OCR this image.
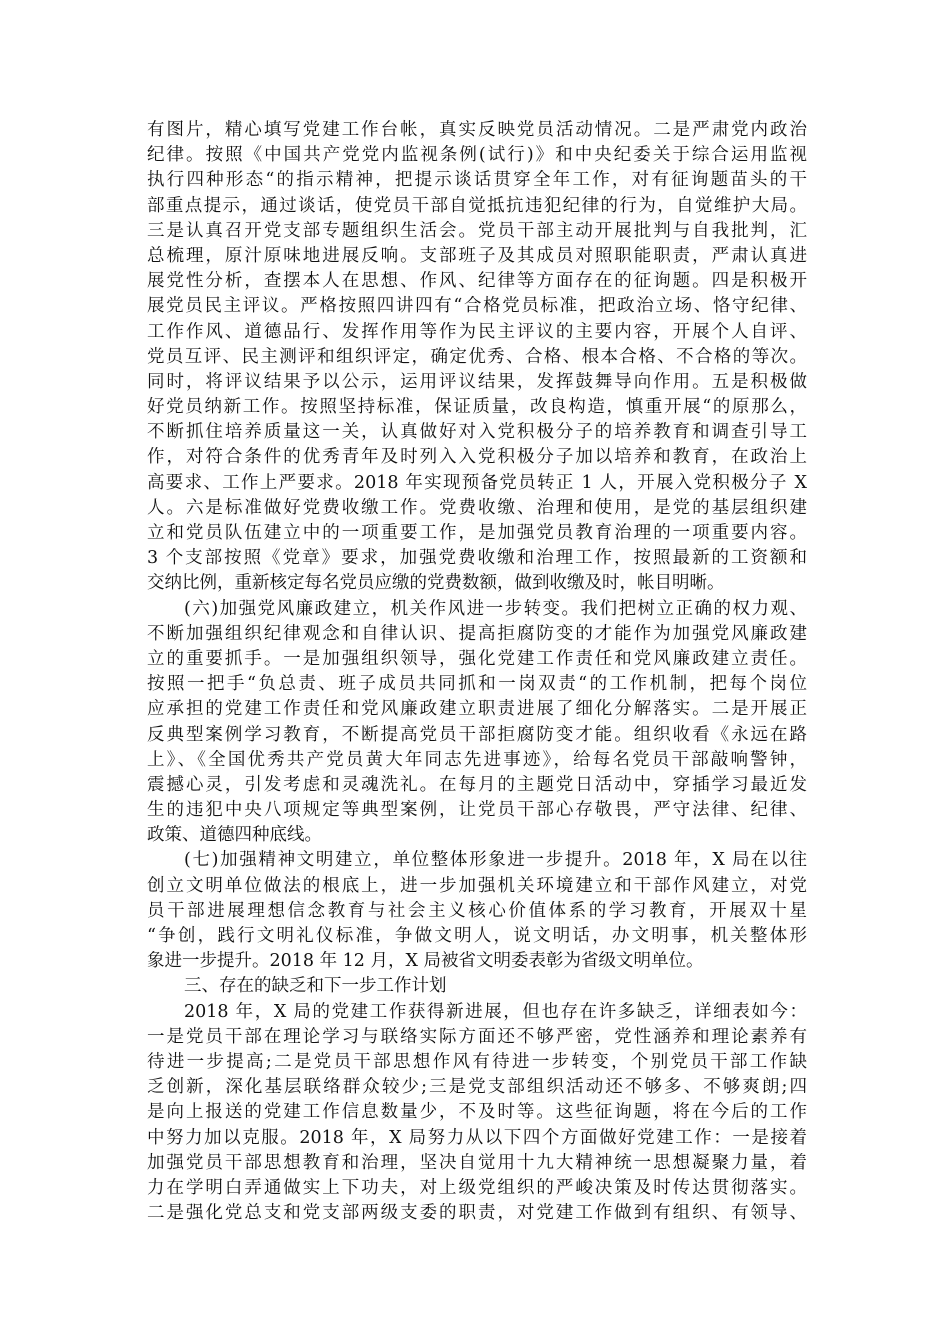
有图片，精心填写党建工作台帐，真实反映党员活动情况。二是严肃党内政治
纪律。按照《中国共产党党内监视条例(试行)》和中央纪委关于综合运用监视
执行四种形态“的指示精神，把提示谈话贯穿全年工作，对有征询题苗头的干
部重点提示，通过谈话，使党员干部自觉抵抗违犯纪律的行为，自觉维护大局。
三是认真召开党支部专题组织生活会。党员干部主动开展批判与自我批判，汇
总梳理，原汁原味地进展反响。支部班子及其成员对照职能职责，严肃认真进
展党性分析，查摆本人在思想、作风、纪律等方面存在的征询题。四是积极开
展党员民主评议。严格按照四讲四有“合格党员标准，把政治立场、恪守纪律、
工作作风、道德品行、发挥作用等作为民主评议的主要内容，开展个人自评、
党员互评、民主测评和组织评定，确定优秀、合格、根本合格、不合格的等次。
同时，将评议结果予以公示，运用评议结果，发挥鼓舞导向作用。五是积极做
好党员纳新工作。按照坚持标准，保证质量，改良构造，慎重开展“的原那么，
不断抓住培养质量这一关，认真做好对入党积极分子的培养教育和调查引导工
作，对符合条件的优秀青年及时列入入党积极分子加以培养和教育，在政治上
高要求、工作上严要求。2018 年实现预备党员转正 1 人，开展入党积极分子 X
人。六是标准做好党费收缴工作。党费收缴、治理和使用，是党的基层组织建
立和党员队伍建立中的一项重要工作，是加强党员教育治理的一项重要内容。
3 个支部按照《党章》要求，加强党费收缴和治理工作，按照最新的工资额和
交纳比例，重新核定每名党员应缴的党费数额，做到收缴及时，帐目明晰。
(六)加强党风廉政建立，机关作风进一步转变。我们把树立正确的权力观、
不断加强组织纪律观念和自律认识、提高拒腐防变的才能作为加强党风廉政建
立的重要抓手。一是加强组织领导，强化党建工作责任和党风廉政建立责任。
按照一把手“负总责、班子成员共同抓和一岗双责“的工作机制，把每个岗位
应承担的党建工作责任和党风廉政建立职责进展了细化分解落实。二是开展正
反典型案例学习教育，不断提高党员干部拒腐防变才能。组织收看《永远在路
上》、《全国优秀共产党员黄大年同志先进事迹》，给每名党员干部敲响警钟，
震撼心灵，引发考虑和灵魂洗礼。在每月的主题党日活动中，穿插学习最近发
生的违犯中央八项规定等典型案例，让党员干部心存敬畏，严守法律、纪律、
政策、道德四种底线。
(七)加强精神文明建立，单位整体形象进一步提升。2018 年，X 局在以往
创立文明单位做法的根底上，进一步加强机关环境建立和干部作风建立，对党
员干部进展理想信念教育与社会主义核心价值体系的学习教育，开展双十星
“争创，践行文明礼仪标准，争做文明人，说文明话，办文明事，机关整体形
象进一步提升。2018 年 12 月，X 局被省文明委表彰为省级文明单位。
三、存在的缺乏和下一步工作计划
2018 年，X 局的党建工作获得新进展，但也存在许多缺乏，详细表如今：
一是党员干部在理论学习与联络实际方面还不够严密，党性涵养和理论素养有
待进一步提高;二是党员干部思想作风有待进一步转变，个别党员干部工作缺
乏创新，深化基层联络群众较少;三是党支部组织活动还不够多、不够爽朗;四
是向上报送的党建工作信息数量少，不及时等。这些征询题，将在今后的工作
中努力加以克服。2018 年，X 局努力从以下四个方面做好党建工作：一是接着
加强党员干部思想教育和治理，坚决自觉用十九大精神统一思想凝聚力量，着
力在学明白弄通做实上下功夫，对上级党组织的严峻决策及时传达贯彻落实。
二是强化党总支和党支部两级支委的职责，对党建工作做到有组织、有领导、
